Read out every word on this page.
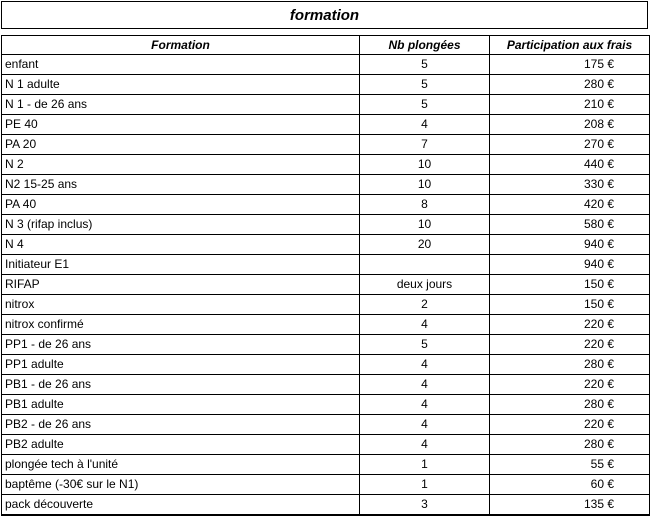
formation
Formation	Nb plongées	Participation aux frais
enfant	5	175 €
N 1 adulte	5	280 €
N 1 - de 26 ans	5	210 €
PE 40	4	208 €
PA 20	7	270 €
N 2	10	440 €
N2 15-25 ans	10	330 €
PA 40	8	420 €
N 3 (rifap inclus)	10	580 €
N 4	20	940 €
Initiateur E1		940 €
RIFAP	deux jours	150 €
nitrox	2	150 €
nitrox confirmé	4	220 €
PP1 - de 26 ans	5	220 €
PP1 adulte	4	280 €
PB1 - de 26 ans	4	220 €
PB1 adulte	4	280 €
PB2 - de 26 ans	4	220 €
PB2 adulte	4	280 €
plongée tech à l'unité	1	55 €
baptême (-30€ sur le N1)	1	60 €
pack découverte	3	135 €
